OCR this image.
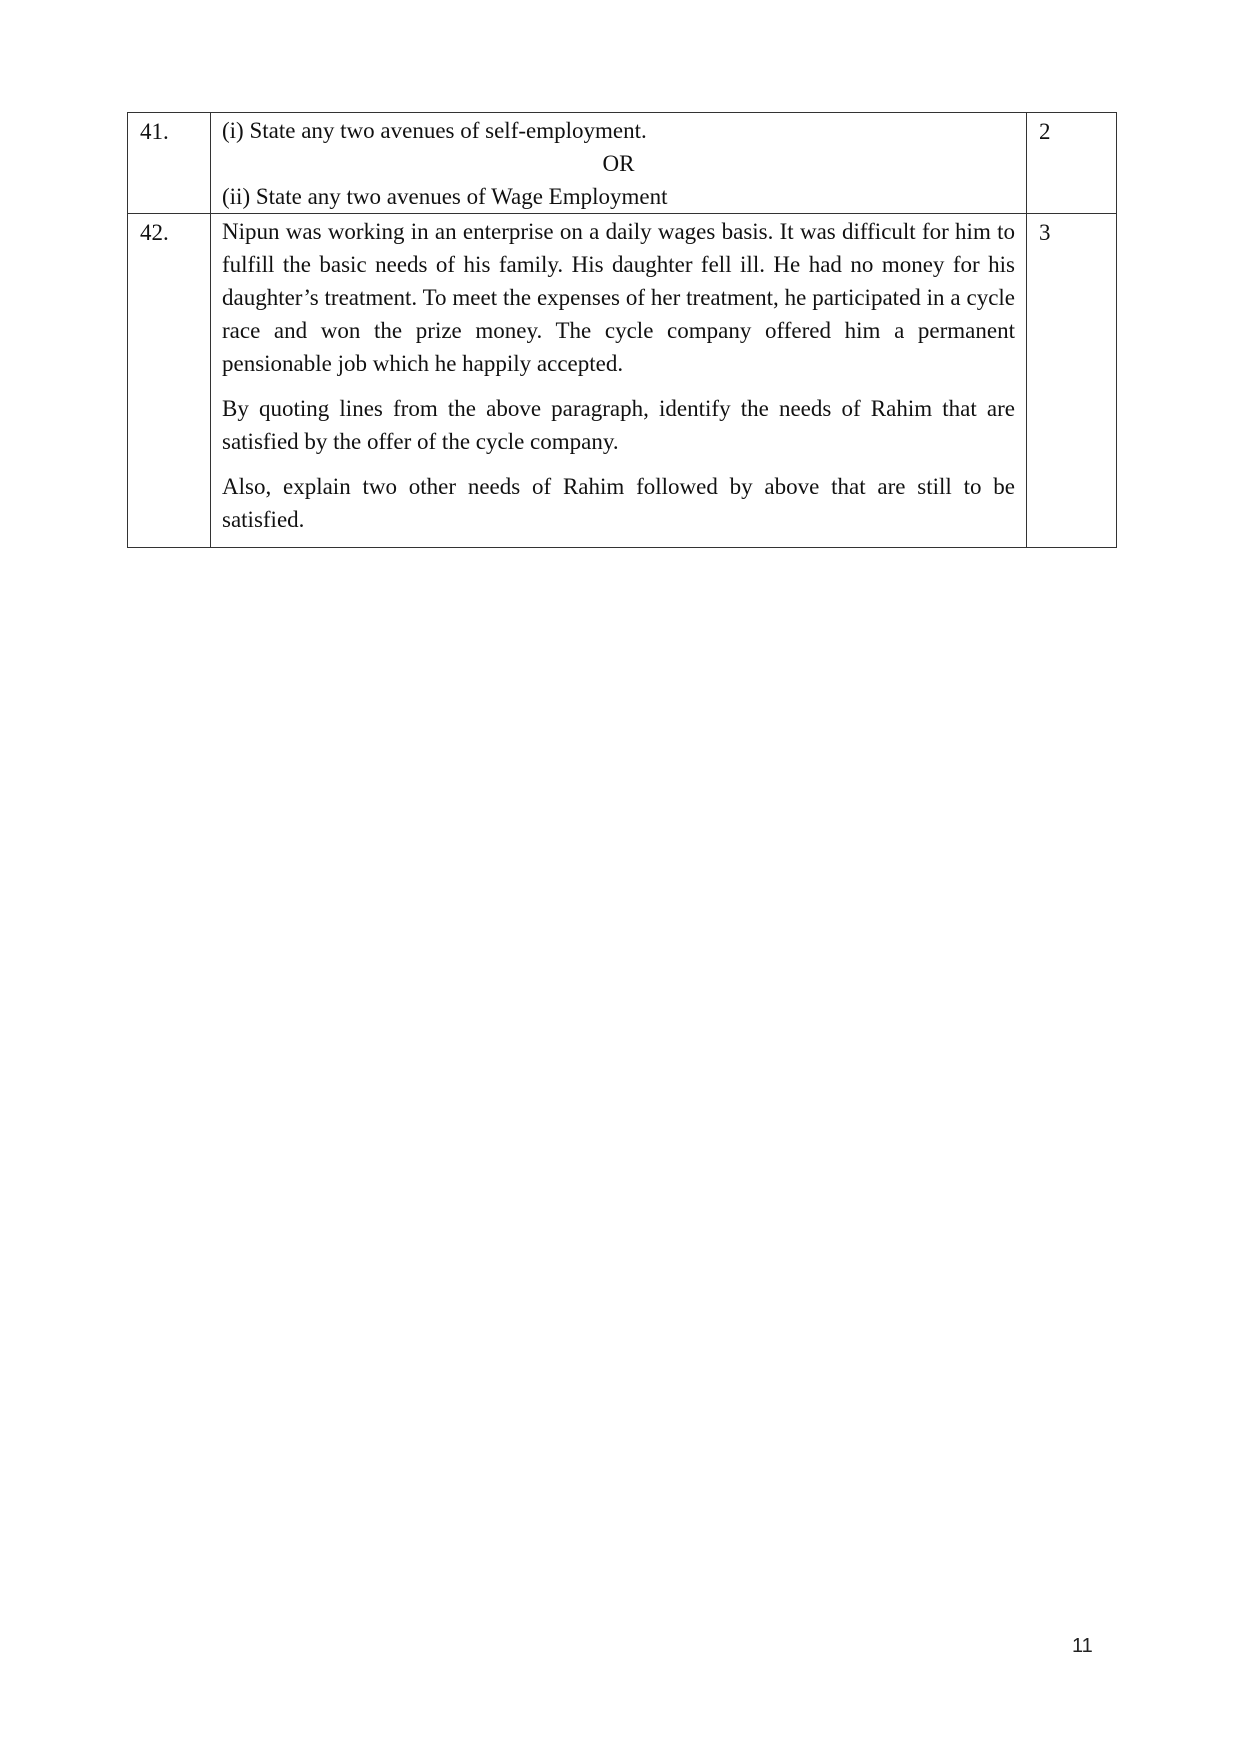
41.	(i) State any two avenues of self-employment.
OR
(ii) State any two avenues of Wage Employment	2
42.	Nipun was working in an enterprise on a daily wages basis. It was difficult for him to fulfill the basic needs of his family. His daughter fell ill. He had no money for his daughter’s treatment. To meet the expenses of her treatment, he participated in a cycle race and won the prize money. The cycle company offered him a permanent pensionable job which he happily accepted.

By quoting lines from the above paragraph, identify the needs of Rahim that are satisfied by the offer of the cycle company.

Also, explain two other needs of Rahim followed by above that are still to be satisfied.	3
11
